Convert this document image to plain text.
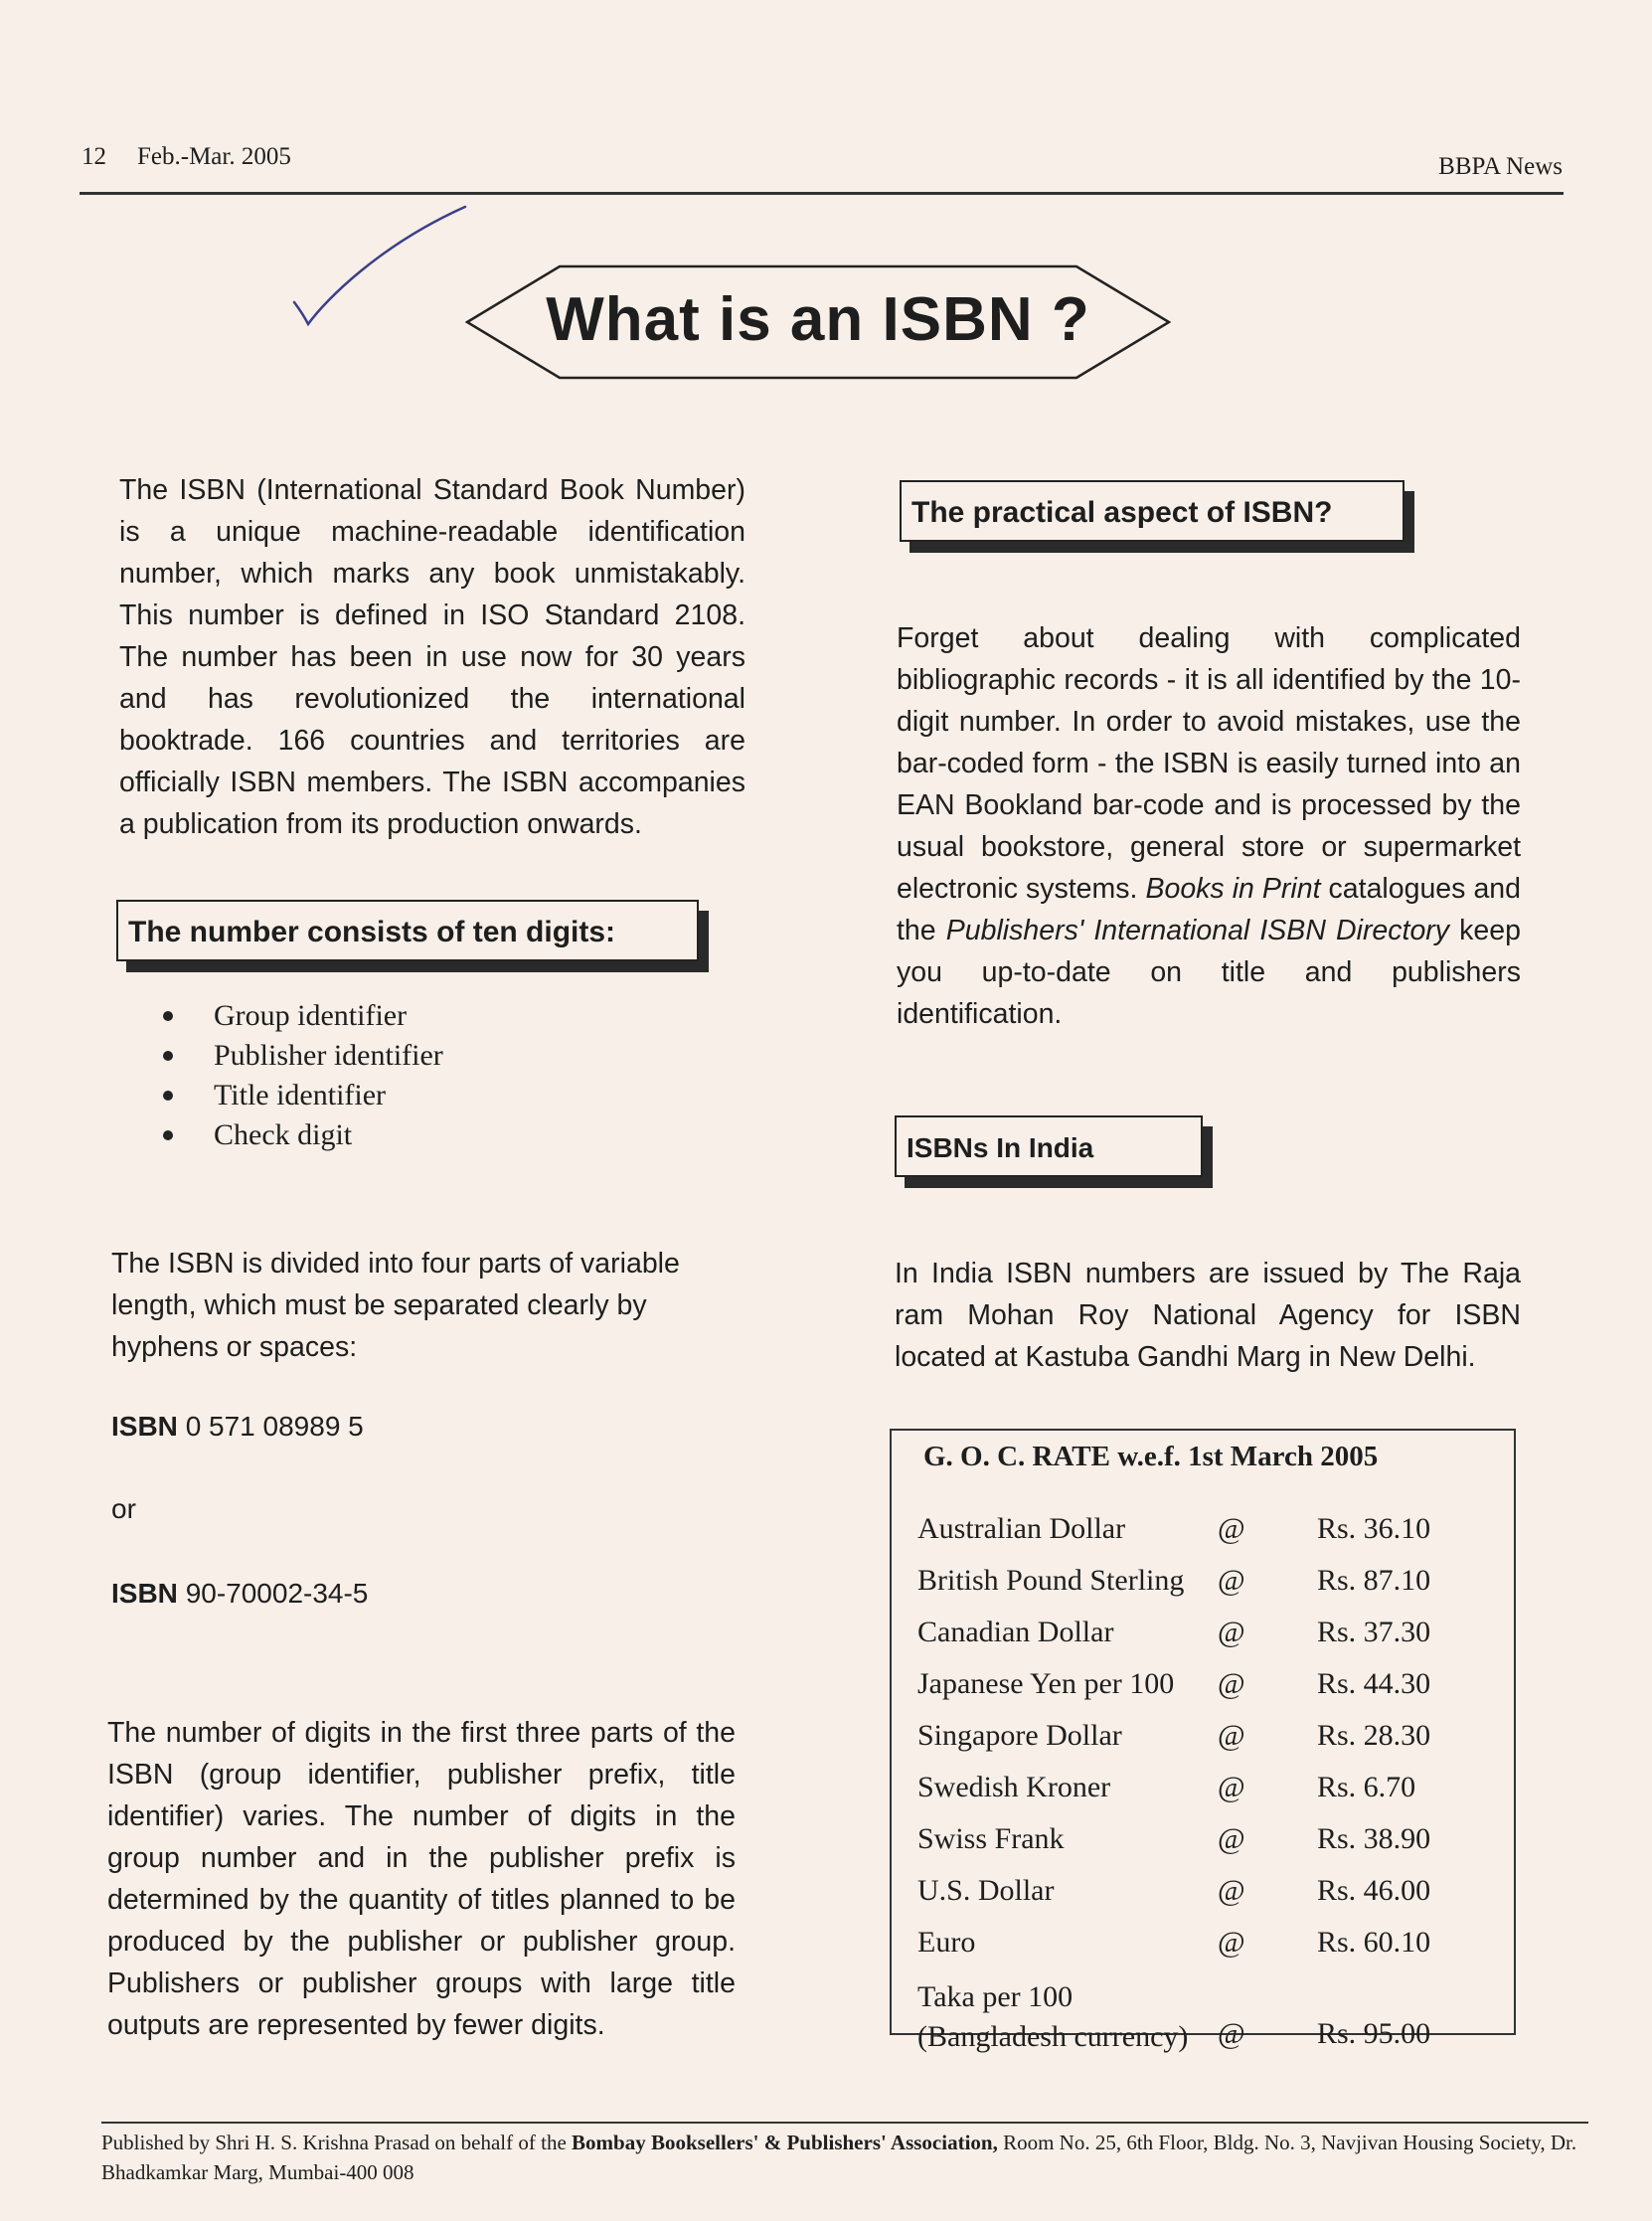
12 Feb.-Mar. 2005	BBPA News
What is an ISBN ?
The ISBN (International Standard Book Number) is a unique machine-readable identification number, which marks any book unmistakably. This number is defined in ISO Standard 2108. The number has been in use now for 30 years and has revolutionized the international booktrade. 166 countries and territories are officially ISBN members. The ISBN accompanies a publication from its production onwards.
The number consists of ten digits:
Group identifier
Publisher identifier
Title identifier
Check digit
The ISBN is divided into four parts of variable length, which must be separated clearly by hyphens or spaces:
ISBN 0 571 08989 5
or
ISBN 90-70002-34-5
The number of digits in the first three parts of the ISBN (group identifier, publisher prefix, title identifier) varies. The number of digits in the group number and in the publisher prefix is determined by the quantity of titles planned to be produced by the publisher or publisher group. Publishers or publisher groups with large title outputs are represented by fewer digits.
The practical aspect of ISBN?
Forget about dealing with complicated bibliographic records - it is all identified by the 10-digit number. In order to avoid mistakes, use the bar-coded form - the ISBN is easily turned into an EAN Bookland bar-code and is processed by the usual bookstore, general store or supermarket electronic systems. Books in Print catalogues and the Publishers' International ISBN Directory keep you up-to-date on title and publishers identification.
ISBNs In India
In India ISBN numbers are issued by The Raja ram Mohan Roy National Agency for ISBN located at Kastuba Gandhi Marg in New Delhi.
G. O. C. RATE w.e.f. 1st March 2005
Australian Dollar	@ Rs. 36.10
British Pound Sterling @ Rs. 87.10
Canadian Dollar	@ Rs. 37.30
Japanese Yen per 100 @ Rs. 44.30
Singapore Dollar	@ Rs. 28.30
Swedish Kroner	@ Rs. 6.70
Swiss Frank	@ Rs. 38.90
U.S. Dollar	@ Rs. 46.00
Euro	@ Rs. 60.10
Taka per 100
(Bangladesh currency) @ Rs. 95.00
Published by Shri H. S. Krishna Prasad on behalf of the Bombay Booksellers' & Publishers' Association, Room No. 25, 6th Floor, Bldg. No. 3, Navjivan Housing Society, Dr. Bhadkamkar Marg, Mumbai-400 008
